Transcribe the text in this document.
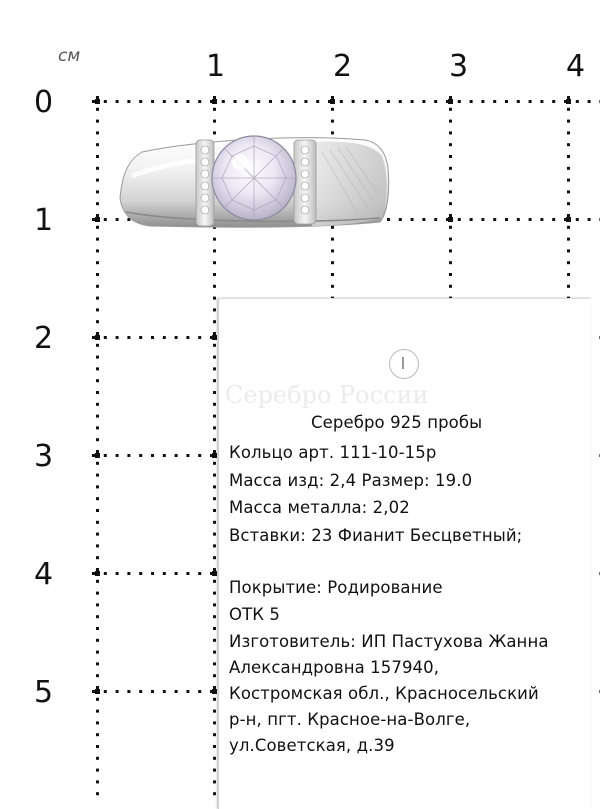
см	1	2	3	4
0
1
2
3
4
5
Серебро России
Серебро 925 пробы
Кольцо арт. 111-10-15р
Масса изд: 2,4 Размер: 19.0
Масса металла: 2,02
Вставки: 23 Фианит Бесцветный;
Покрытие: Родирование
ОТК 5
Изготовитель: ИП Пастухова Жанна
Александровна 157940,
Костромская обл., Красносельский
р-н, пгт. Красное-на-Волге,
ул.Советская, д.39
